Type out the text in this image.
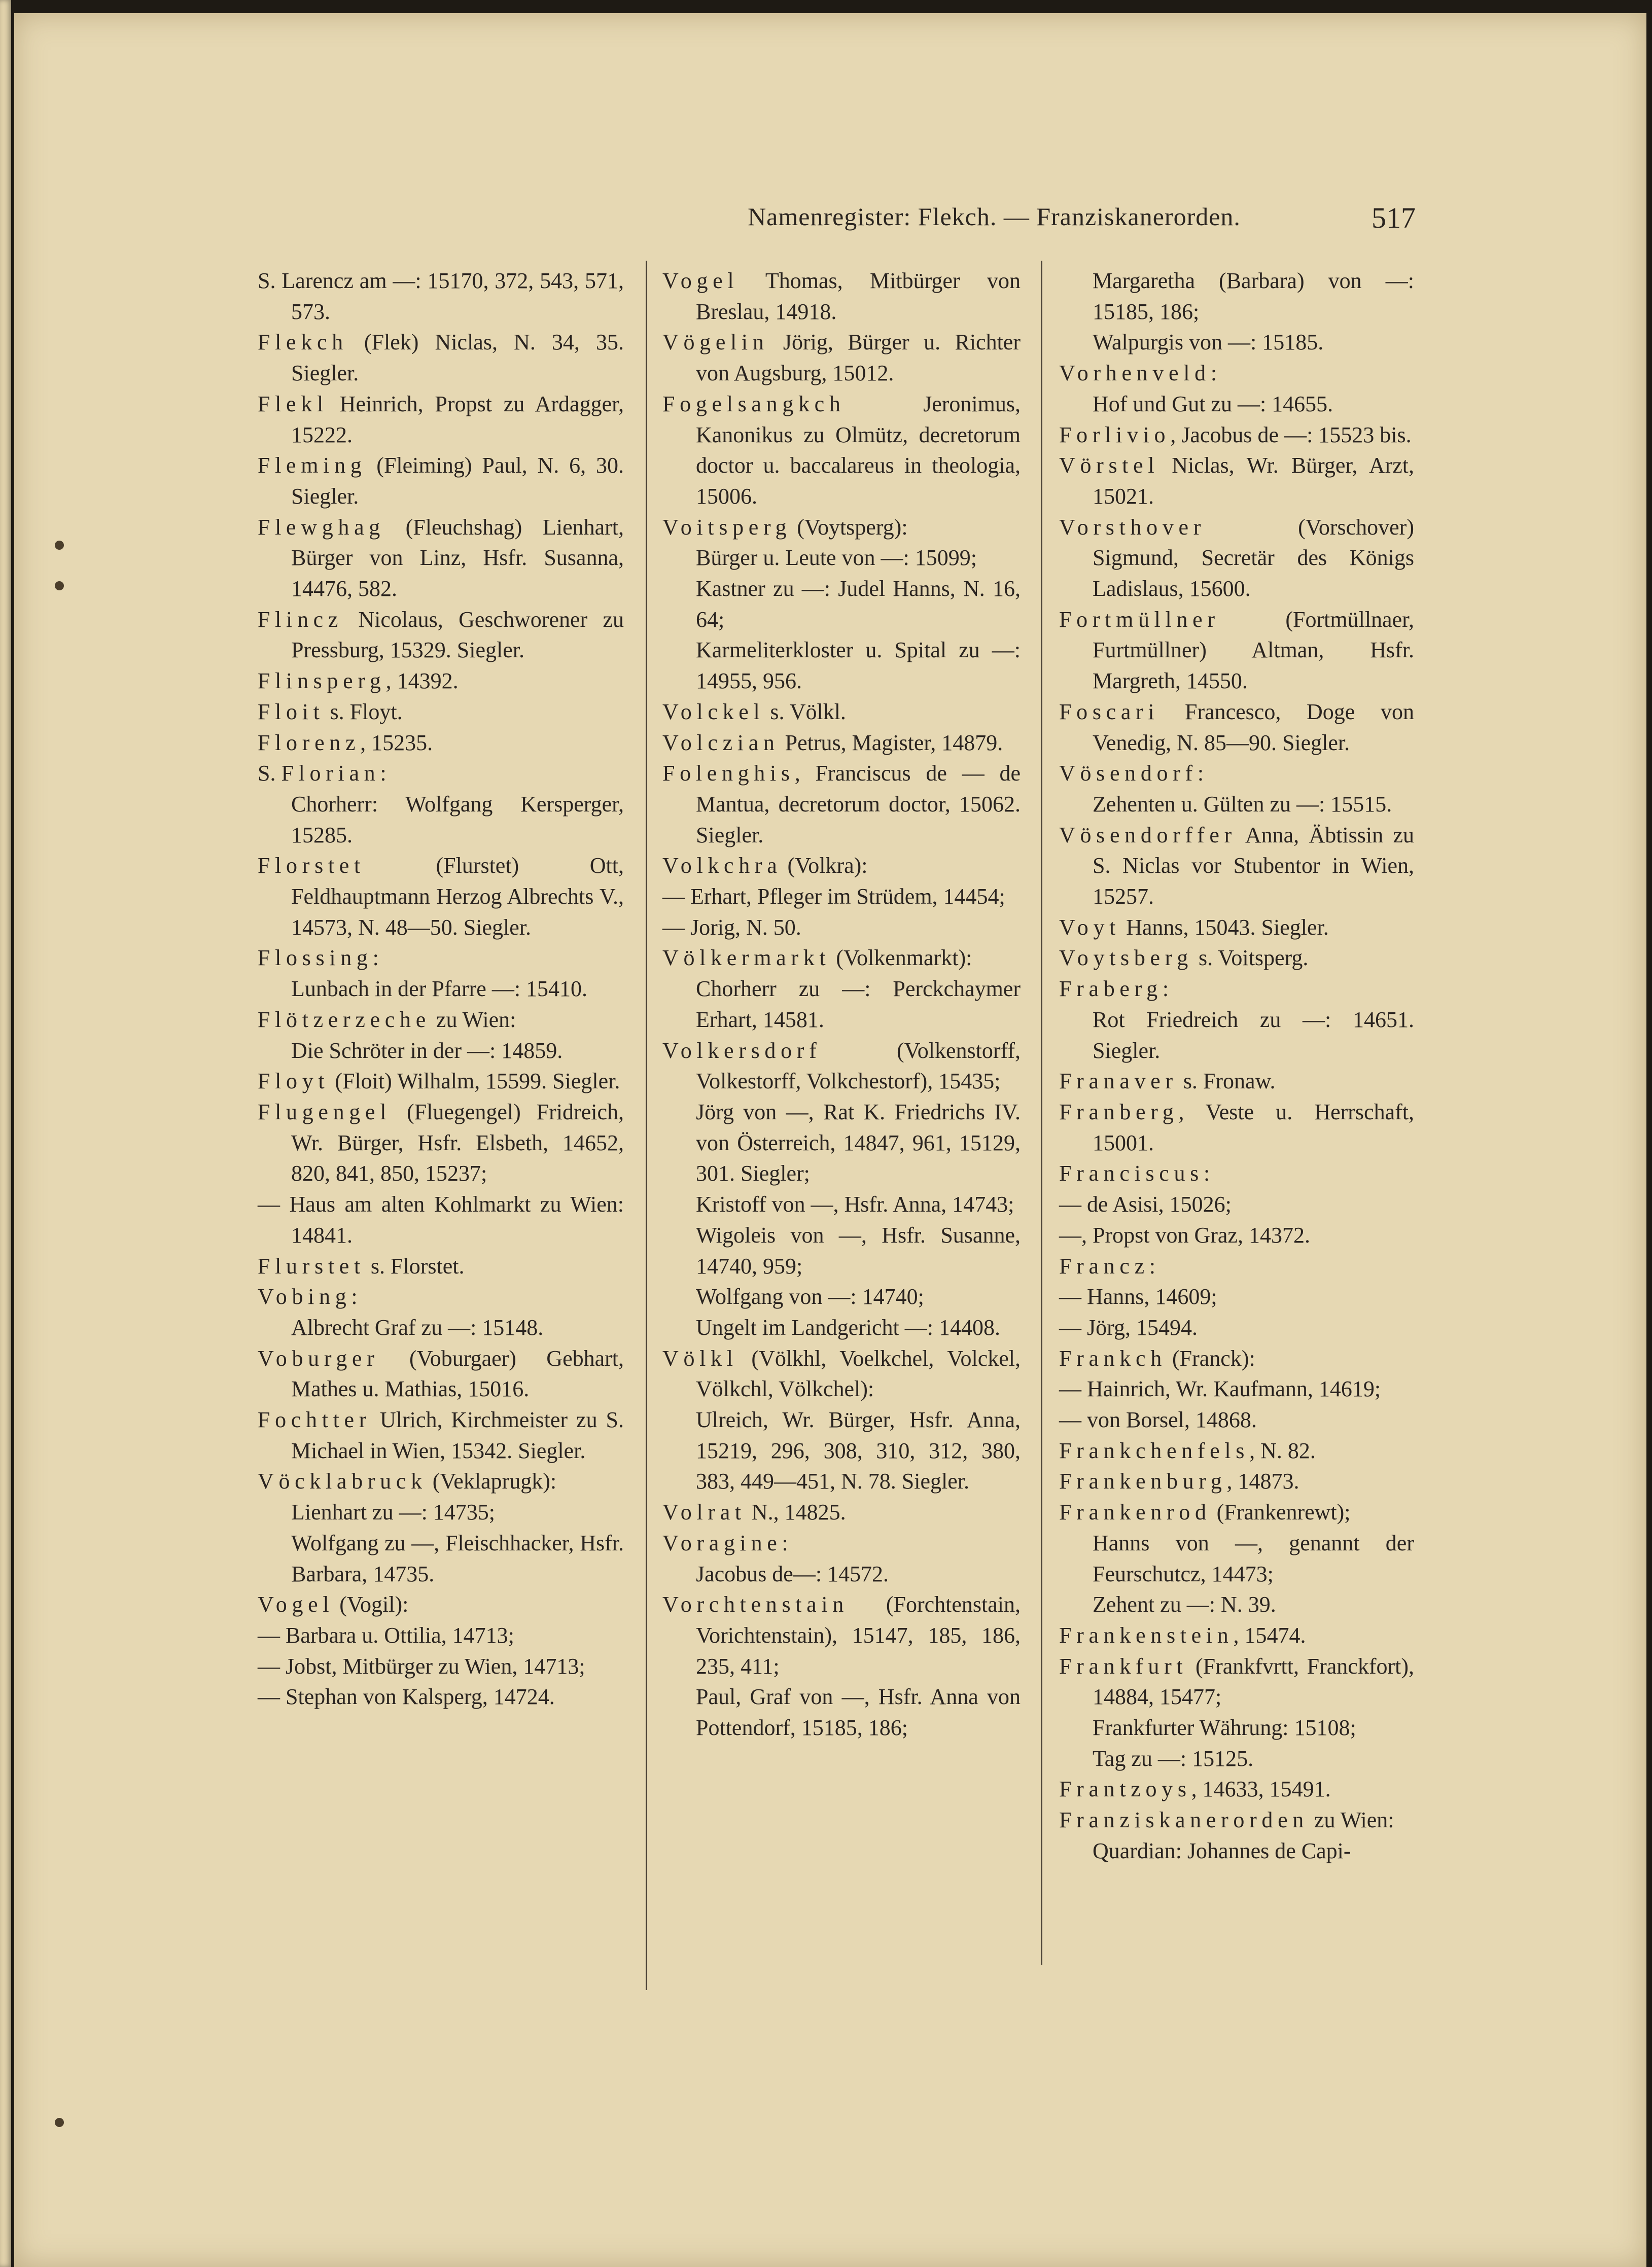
Namenregister: Flekch. — Franziskanerorden.	517
S. Larencz am —: 15170, 372, 543, 571, 573.
Flekch (Flek) Niclas, N. 34, 35. Siegler.
Flekl Heinrich, Propst zu Ardagger, 15222.
Fleming (Fleiming) Paul, N. 6, 30. Siegler.
Flewghag (Fleuchshag) Lienhart, Bürger von Linz, Hsfr. Susanna, 14476, 582.
Flincz Nicolaus, Geschworener zu Pressburg, 15329. Siegler.
Flinsperg, 14392.
Floit s. Floyt.
Florenz, 15235.
S. Florian:
Chorherr: Wolfgang Kersperger, 15285.
Florstet (Flurstet) Ott, Feldhauptmann Herzog Albrechts V., 14573, N. 48—50. Siegler.
Flossing:
Lunbach in der Pfarre —: 15410.
Flötzerzeche zu Wien:
Die Schröter in der —: 14859.
Floyt (Floit) Wilhalm, 15599. Siegler.
Flugengel (Fluegengel) Fridreich, Wr. Bürger, Hsfr. Elsbeth, 14652, 820, 841, 850, 15237;
— Haus am alten Kohlmarkt zu Wien: 14841.
Flurstet s. Florstet.
Vobing:
Albrecht Graf zu —: 15148.
Voburger (Voburgaer) Gebhart, Mathes u. Mathias, 15016.
Fochtter Ulrich, Kirchmeister zu S. Michael in Wien, 15342. Siegler.
Vöcklabruck (Veklaprugk):
Lienhart zu —: 14735;
Wolfgang zu —, Fleischhacker, Hsfr. Barbara, 14735.
Vogel (Vogil):
— Barbara u. Ottilia, 14713;
— Jobst, Mitbürger zu Wien, 14713;
— Stephan von Kalsperg, 14724.
Vogel Thomas, Mitbürger von Breslau, 14918.
Vögelin Jörig, Bürger u. Richter von Augsburg, 15012.
Fogelsangkch Jeronimus, Kanonikus zu Olmütz, decretorum doctor u. baccalareus in theologia, 15006.
Voitsperg (Voytsperg):
Bürger u. Leute von —: 15099;
Kastner zu —: Judel Hanns, N. 16, 64;
Karmeliterkloster u. Spital zu —: 14955, 956.
Volckel s. Völkl.
Volczian Petrus, Magister, 14879.
Folenghis, Franciscus de — de Mantua, decretorum doctor, 15062. Siegler.
Volkchra (Volkra):
— Erhart, Pfleger im Strüdem, 14454;
— Jorig, N. 50.
Völkermarkt (Volkenmarkt):
Chorherr zu —: Perckchaymer Erhart, 14581.
Volkersdorf (Volkenstorff, Volkestorff, Volkchestorf), 15435;
Jörg von —, Rat K. Friedrichs IV. von Österreich, 14847, 961, 15129, 301. Siegler;
Kristoff von —, Hsfr. Anna, 14743;
Wigoleis von —, Hsfr. Susanne, 14740, 959;
Wolfgang von —: 14740;
Ungelt im Landgericht —: 14408.
Völkl (Völkhl, Voelkchel, Volckel, Völkchl, Völkchel):
Ulreich, Wr. Bürger, Hsfr. Anna, 15219, 296, 308, 310, 312, 380, 383, 449—451, N. 78. Siegler.
Volrat N., 14825.
Voragine:
Jacobus de—: 14572.
Vorchtenstain (Forchtenstain, Vorichtenstain), 15147, 185, 186, 235, 411;
Paul, Graf von —, Hsfr. Anna von Pottendorf, 15185, 186;
Margaretha (Barbara) von —: 15185, 186;
Walpurgis von —: 15185.
Vorhenveld:
Hof und Gut zu —: 14655.
Forlivio, Jacobus de —: 15523 bis.
Vörstel Niclas, Wr. Bürger, Arzt, 15021.
Vorsthover (Vorschover) Sigmund, Secretär des Königs Ladislaus, 15600.
Fortmüllner (Fortmüllnaer, Furtmüllner) Altman, Hsfr. Margreth, 14550.
Foscari Francesco, Doge von Venedig, N. 85—90. Siegler.
Vösendorf:
Zehenten u. Gülten zu —: 15515.
Vösendorffer Anna, Äbtissin zu S. Niclas vor Stubentor in Wien, 15257.
Voyt Hanns, 15043. Siegler.
Voytsberg s. Voitsperg.
Fraberg:
Rot Friedreich zu —: 14651. Siegler.
Franaver s. Fronaw.
Franberg, Veste u. Herrschaft, 15001.
Franciscus:
— de Asisi, 15026;
—, Propst von Graz, 14372.
Francz:
— Hanns, 14609;
— Jörg, 15494.
Frankch (Franck):
— Hainrich, Wr. Kaufmann, 14619;
— von Borsel, 14868.
Frankchenfels, N. 82.
Frankenburg, 14873.
Frankenrod (Frankenrewt);
Hanns von —, genannt der Feurschutcz, 14473;
Zehent zu —: N. 39.
Frankenstein, 15474.
Frankfurt (Frankfvrtt, Franckfort), 14884, 15477;
Frankfurter Währung: 15108;
Tag zu —: 15125.
Frantzoys, 14633, 15491.
Franziskanerorden zu Wien:
Quardian: Johannes de Capi-
